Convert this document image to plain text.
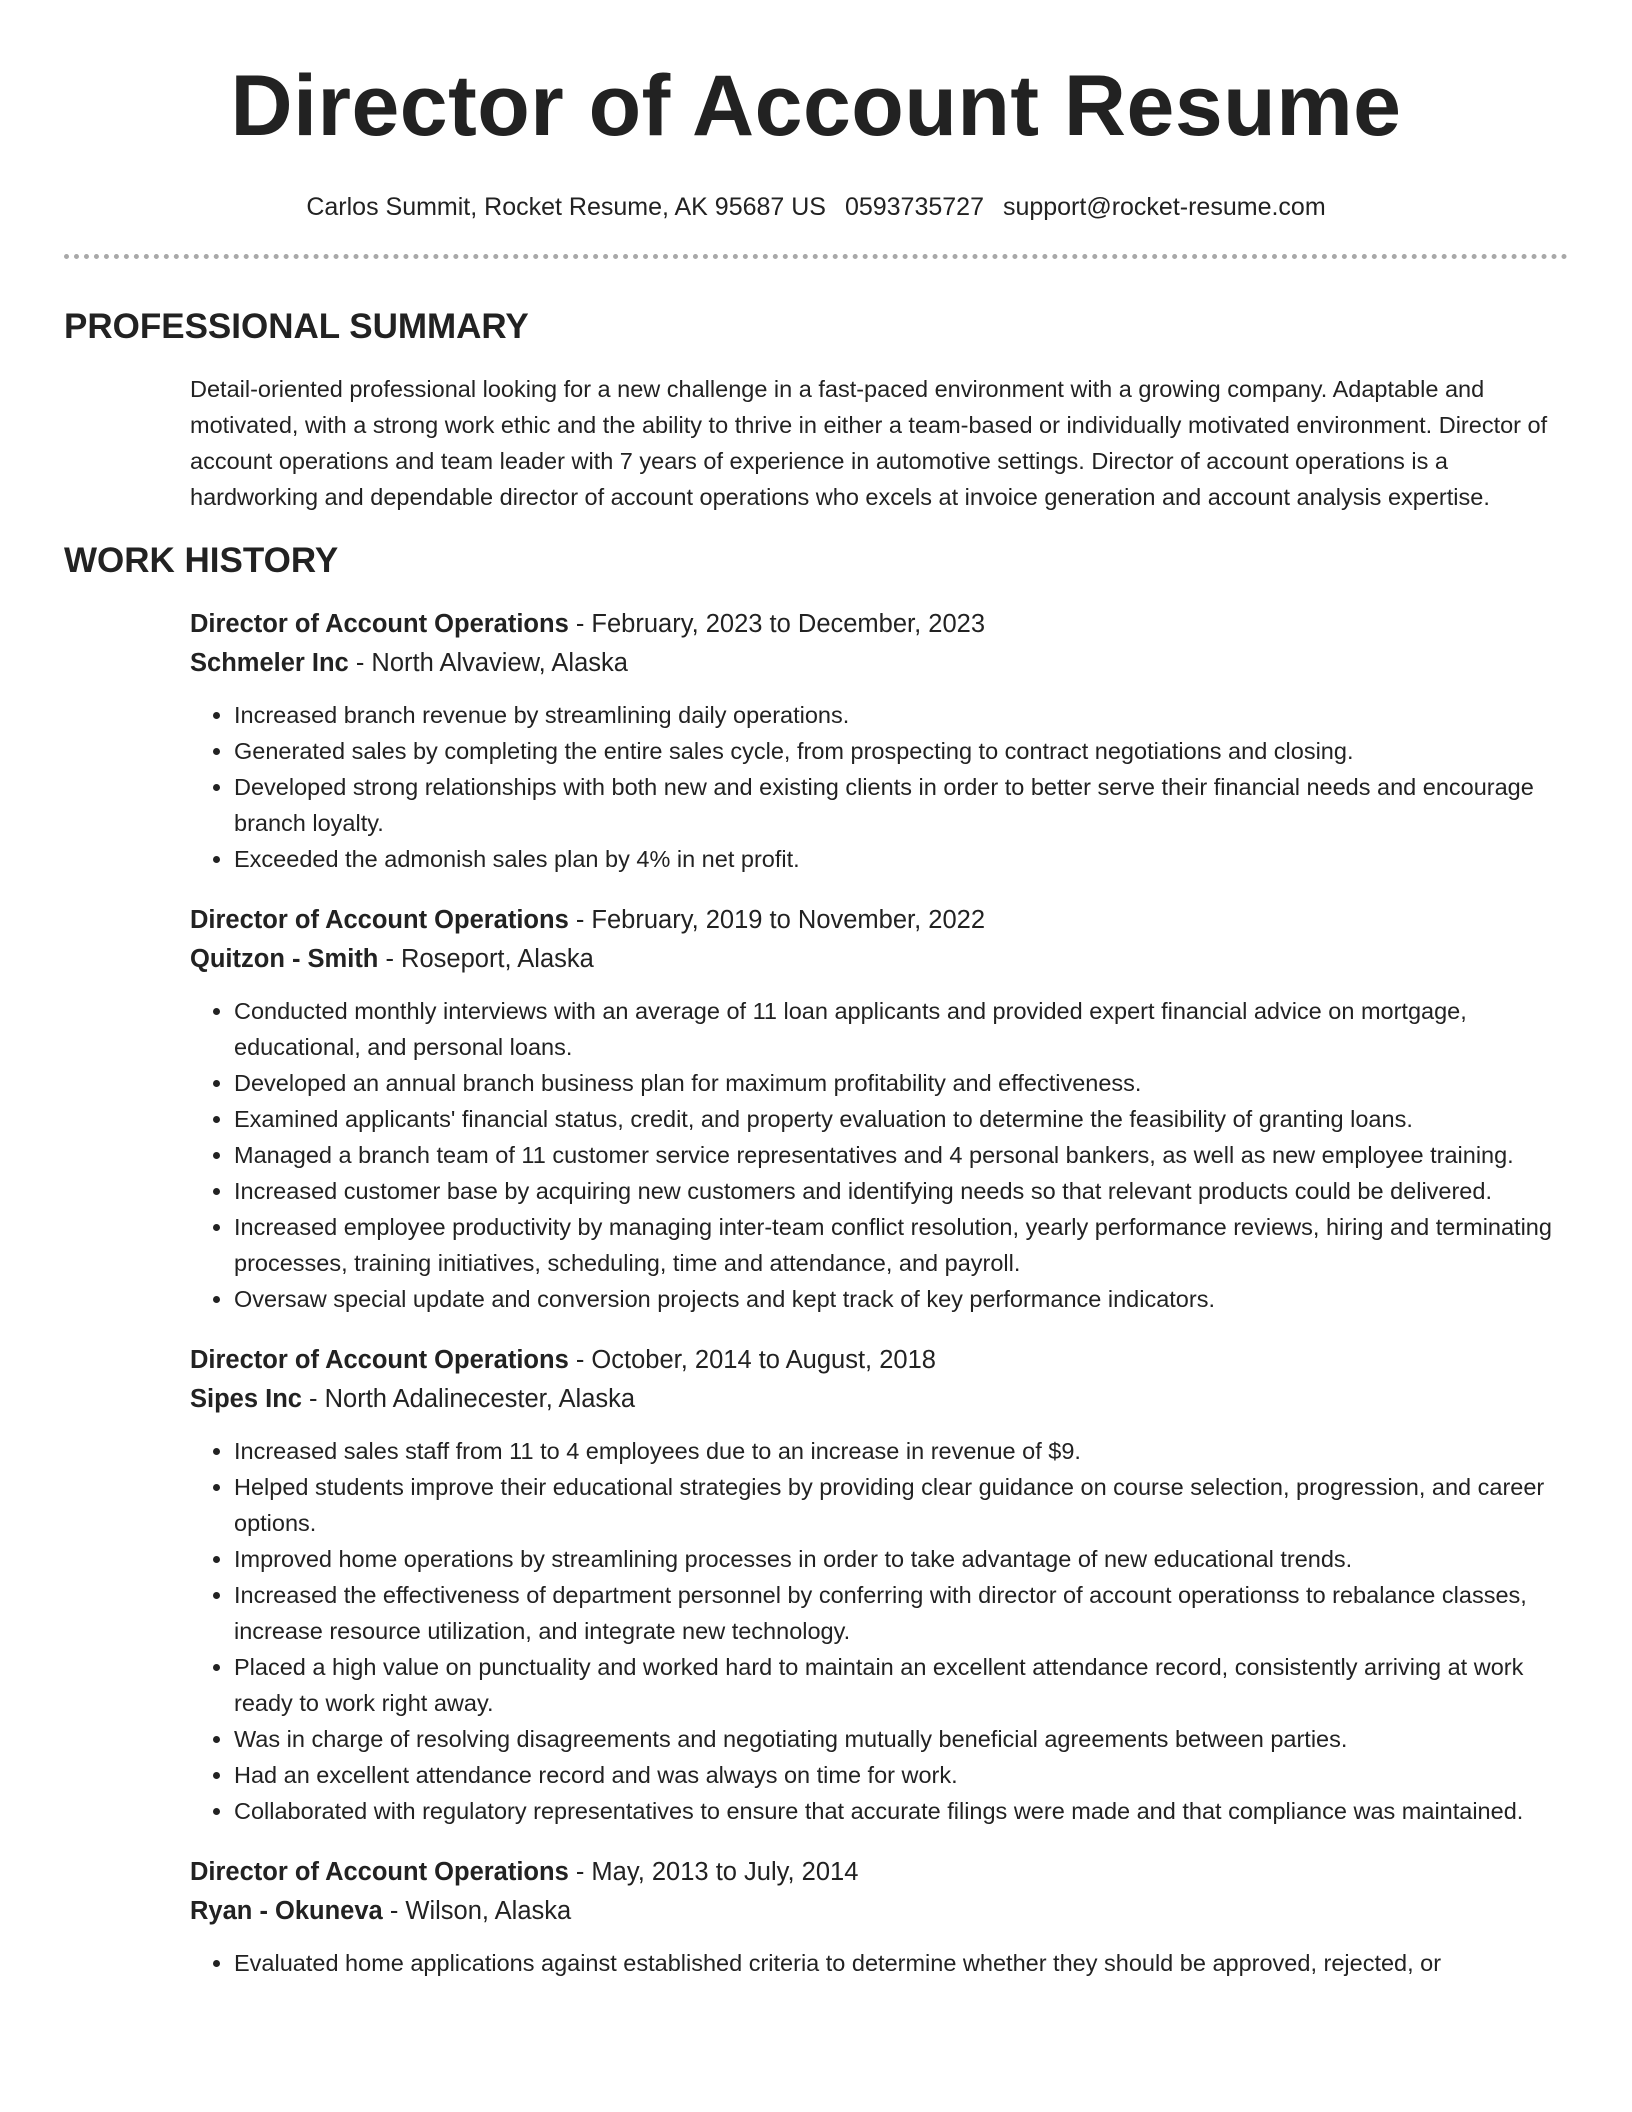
Director of Account Resume
Carlos Summit, Rocket Resume, AK 95687 US 0593735727 support@rocket-resume.com
PROFESSIONAL SUMMARY

Detail-oriented professional looking for a new challenge in a fast-paced environment with a growing company. Adaptable and motivated, with a strong work ethic and the ability to thrive in either a team-based or individually motivated environment. Director of account operations and team leader with 7 years of experience in automotive settings. Director of account operations is a hardworking and dependable director of account operations who excels at invoice generation and account analysis expertise.

WORK HISTORY
Director of Account Operations - February, 2023 to December, 2023
Schmeler Inc - North Alvaview, Alaska
• Increased branch revenue by streamlining daily operations.
• Generated sales by completing the entire sales cycle, from prospecting to contract negotiations and closing.
• Developed strong relationships with both new and existing clients in order to better serve their financial needs and encourage branch loyalty.
• Exceeded the admonish sales plan by 4% in net profit.
Director of Account Operations - February, 2019 to November, 2022
Quitzon - Smith - Roseport, Alaska
• Conducted monthly interviews with an average of 11 loan applicants and provided expert financial advice on mortgage, educational, and personal loans.
• Developed an annual branch business plan for maximum profitability and effectiveness.
• Examined applicants' financial status, credit, and property evaluation to determine the feasibility of granting loans.
• Managed a branch team of 11 customer service representatives and 4 personal bankers, as well as new employee training.
• Increased customer base by acquiring new customers and identifying needs so that relevant products could be delivered.
• Increased employee productivity by managing inter-team conflict resolution, yearly performance reviews, hiring and terminating processes, training initiatives, scheduling, time and attendance, and payroll.
• Oversaw special update and conversion projects and kept track of key performance indicators.
Director of Account Operations - October, 2014 to August, 2018
Sipes Inc - North Adalinecester, Alaska
• Increased sales staff from 11 to 4 employees due to an increase in revenue of $9.
• Helped students improve their educational strategies by providing clear guidance on course selection, progression, and career options.
• Improved home operations by streamlining processes in order to take advantage of new educational trends.
• Increased the effectiveness of department personnel by conferring with director of account operationss to rebalance classes, increase resource utilization, and integrate new technology.
• Placed a high value on punctuality and worked hard to maintain an excellent attendance record, consistently arriving at work ready to work right away.
• Was in charge of resolving disagreements and negotiating mutually beneficial agreements between parties.
• Had an excellent attendance record and was always on time for work.
• Collaborated with regulatory representatives to ensure that accurate filings were made and that compliance was maintained.
Director of Account Operations - May, 2013 to July, 2014
Ryan - Okuneva - Wilson, Alaska
• Evaluated home applications against established criteria to determine whether they should be approved, rejected, or
